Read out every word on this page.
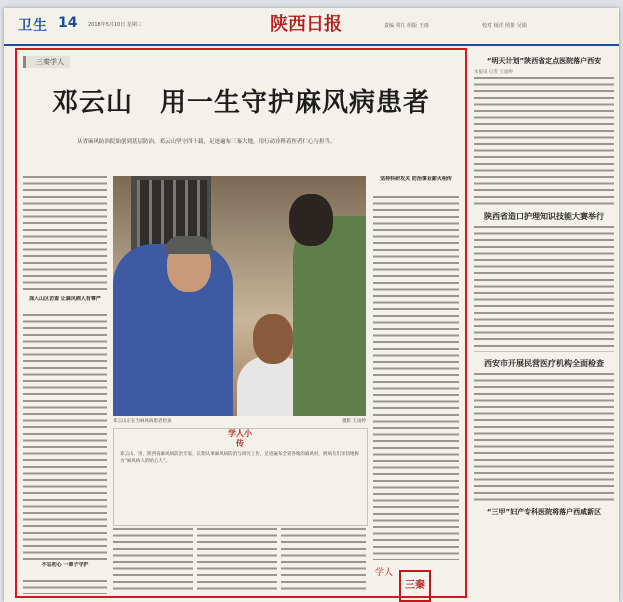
卫生 14 2018年5月10日 星期三	陕西日报	责编 常江 组版 王雨	校对 杨洋 照排 吴娟
三秦学人
邓云山　用一生守护麻风病患者
从省麻风防治院始创到基层防治，邓云山坚守四十载，足迹遍布三秦大地，用行动诠释着医者仁心与担当。
深入山区访查 让麻风病人有尊严
不忘初心 一辈子守护
邓云山正在为麻风病患者检查	摄影 王雨婷
坚持科研攻关 防治事业薪火相传
学人小传
邓云山，男，陕西省麻风病防治专家，长期从事麻风病防治与研究工作，足迹遍布全省各地的麻风村，被病友们亲切地称为“麻风病人的贴心人”。
学人
三秦
“明天计划”陕西省定点医院落户西安
本报讯 记者 王雨婷
陕西省造口护理知识技能大赛举行
西安市开展民营医疗机构全面检查
“三甲”妇产专科医院将落户西咸新区
